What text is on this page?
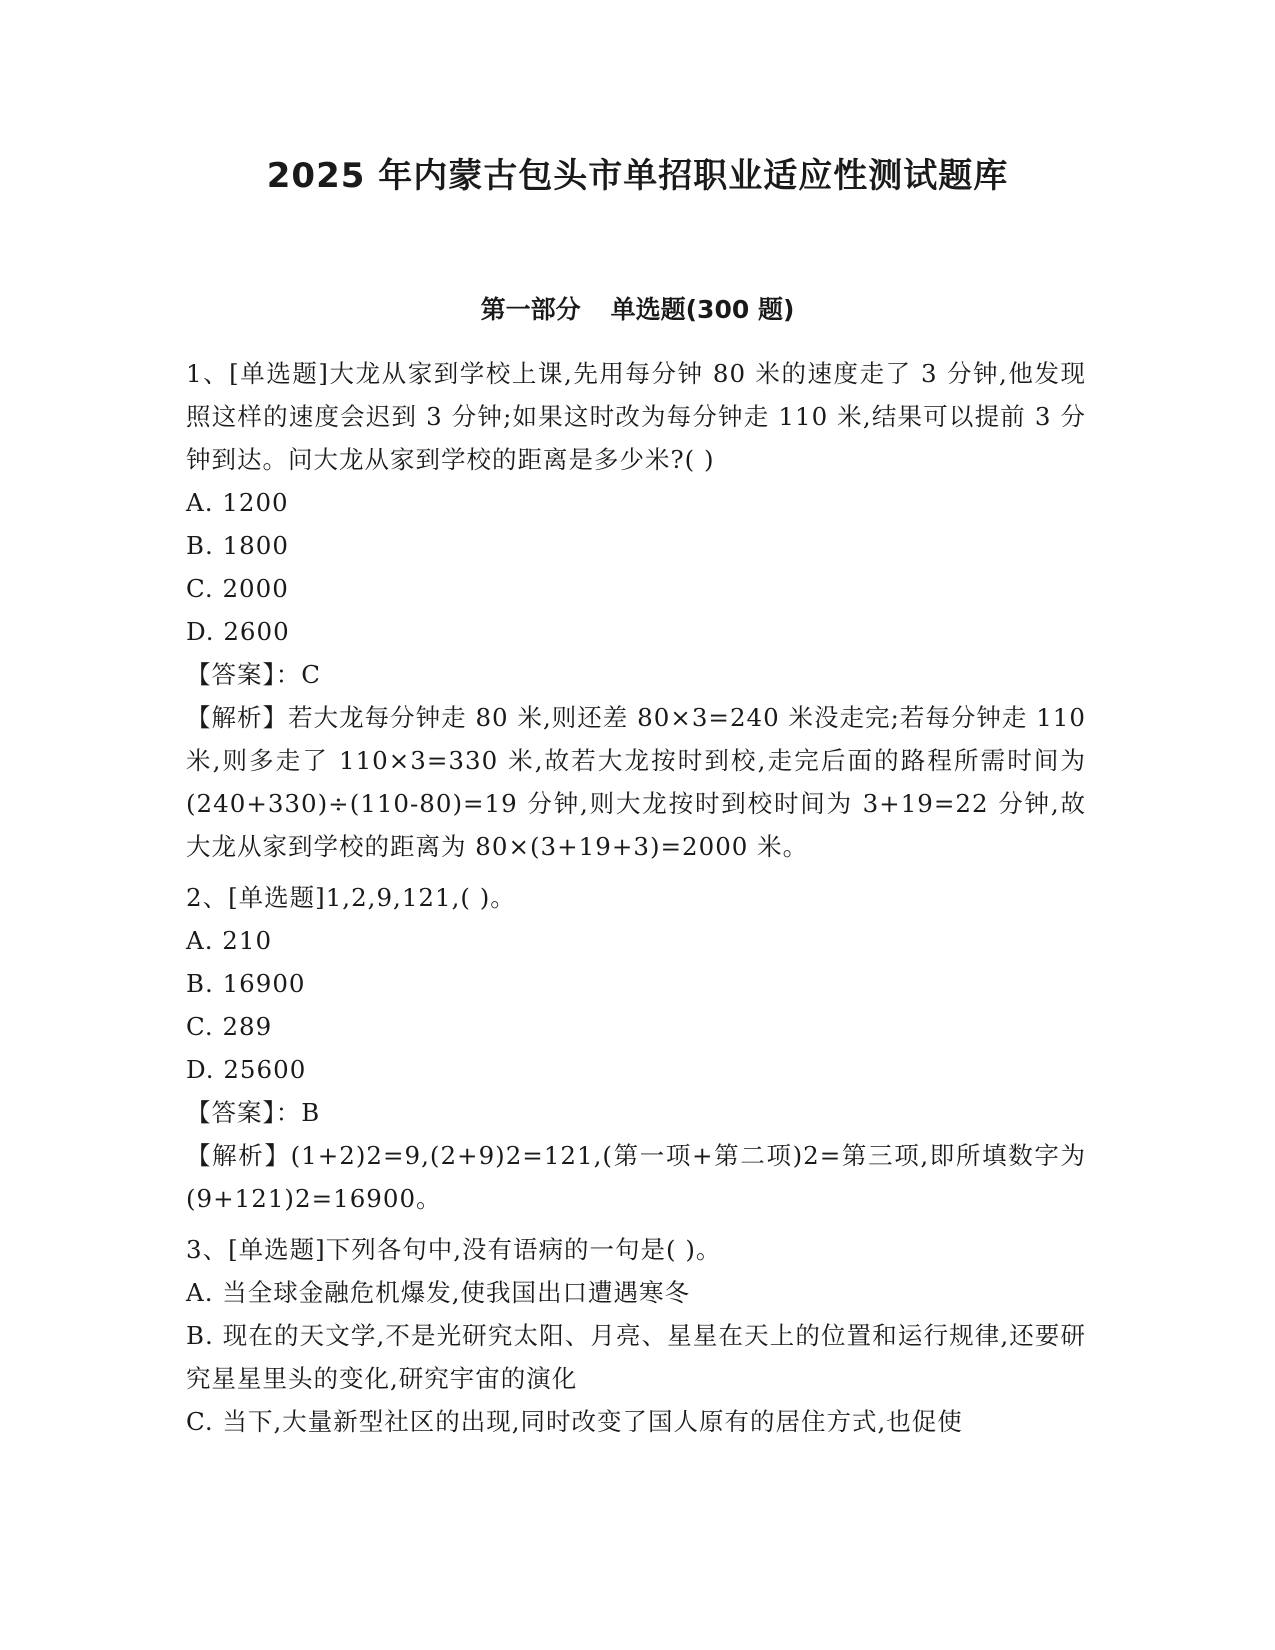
2025 年内蒙古包头市单招职业适应性测试题库
第一部分 单选题(300 题)

1、[单选题]大龙从家到学校上课,先用每分钟 80 米的速度走了 3 分钟,他发现照这样的速度会迟到 3 分钟;如果这时改为每分钟走 110 米,结果可以提前 3 分钟到达。问大龙从家到学校的距离是多少米?( )

A. 1200

B. 1800

C. 2000

D. 2600

【答案】：C

【解析】若大龙每分钟走 80 米,则还差 80×3=240 米没走完;若每分钟走 110 米,则多走了 110×3=330 米,故若大龙按时到校,走完后面的路程所需时间为(240+330)÷(110-80)=19 分钟,则大龙按时到校时间为 3+19=22 分钟,故大龙从家到学校的距离为 80×(3+19+3)=2000 米。

2、[单选题]1,2,9,121,( )。

A. 210

B. 16900

C. 289

D. 25600

【答案】：B

【解析】(1+2)2=9,(2+9)2=121,(第一项+第二项)2=第三项,即所填数字为(9+121)2=16900。

3、[单选题]下列各句中,没有语病的一句是( )。

A. 当全球金融危机爆发,使我国出口遭遇寒冬

B. 现在的天文学,不是光研究太阳、月亮、星星在天上的位置和运行规律,还要研究星星里头的变化,研究宇宙的演化

C. 当下,大量新型社区的出现,同时改变了国人原有的居住方式,也促使
